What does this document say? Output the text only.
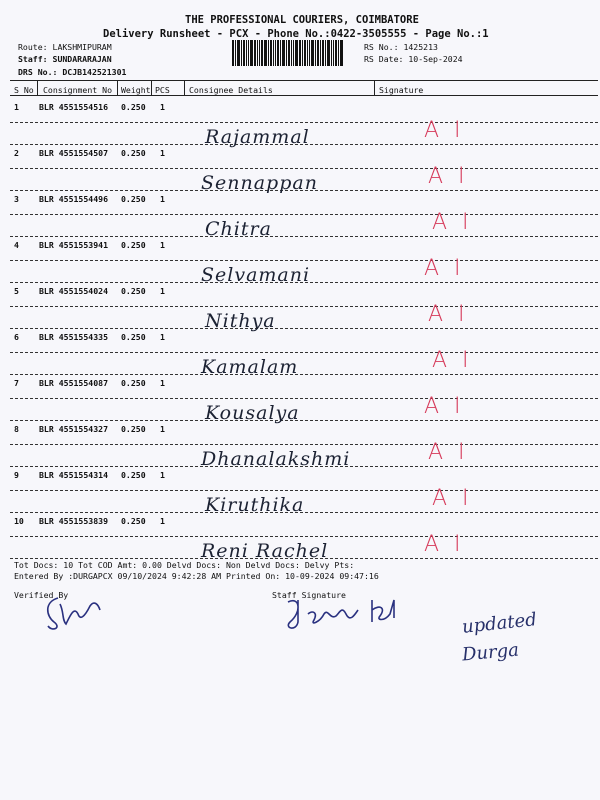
THE PROFESSIONAL COURIERS, COIMBATORE
Delivery Runsheet - PCX - Phone No.:0422-3505555 - Page No.:1
Route: LAKSHMIPURAM
Staff: SUNDARARAJAN
DRS No.: DCJB142521301
RS No.: 1425213
RS Date: 10-Sep-2024
S No Consignment No Weight PCS Consignee Details	Signature
1 BLR 4551554516 0.250 1
Rajammal	A I
2 BLR 4551554507 0.250 1
Sennappan	A I
3 BLR 4551554496 0.250 1
Chitra	A I
4 BLR 4551553941 0.250 1
Selvamani	A I
5 BLR 4551554024 0.250 1
Nithya	A I
6 BLR 4551554335 0.250 1
Kamalam	A I
7 BLR 4551554087 0.250 1
Kousalya	A I
8 BLR 4551554327 0.250 1
Dhanalakshmi	A I
9 BLR 4551554314 0.250 1
Kiruthika	A I
10 BLR 4551553839 0.250 1
Reni Rachel	A I
Tot Docs: 10 Tot COD Amt: 0.00 Delvd Docs: Non Delvd Docs: Delvy Pts:
Entered By :DURGAPCX 09/10/2024 9:42:28 AM Printed On: 10-09-2024 09:47:16
Verified By	Staff Signature
updated
Durga
